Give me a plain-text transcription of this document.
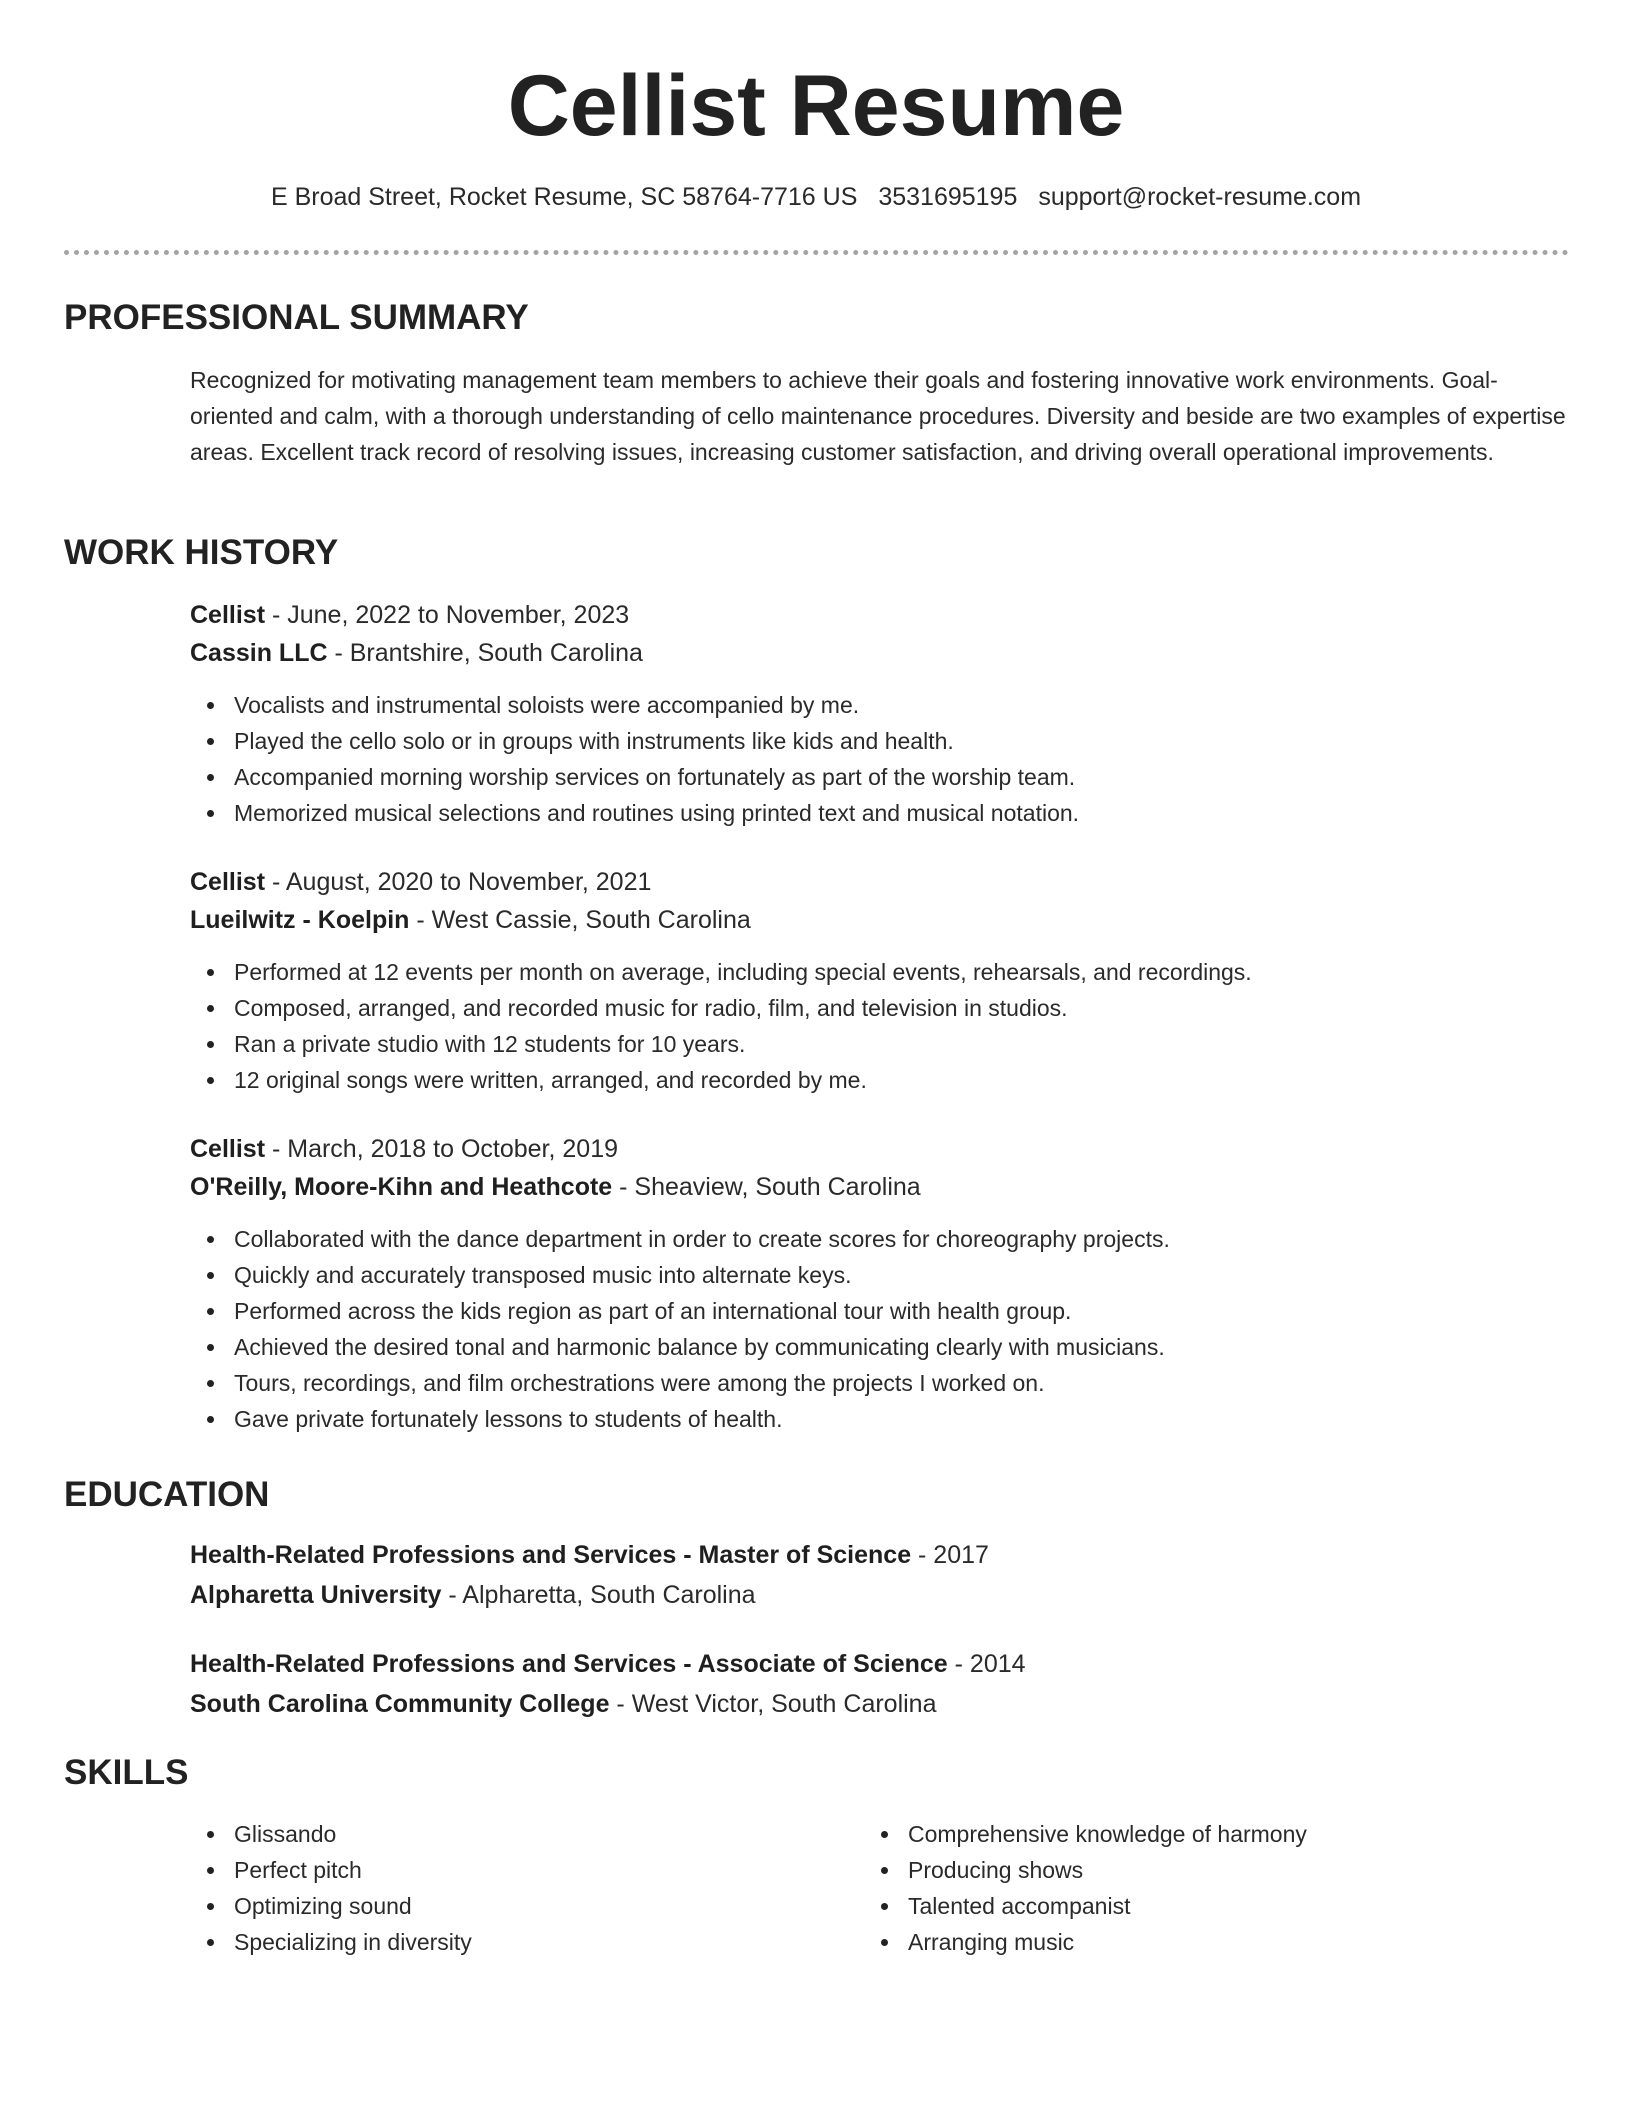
Cellist Resume
E Broad Street, Rocket Resume, SC 58764-7716 US 3531695195 support@rocket-resume.com
PROFESSIONAL SUMMARY

Recognized for motivating management team members to achieve their goals and fostering innovative work environments. Goal-oriented and calm, with a thorough understanding of cello maintenance procedures. Diversity and beside are two examples of expertise areas. Excellent track record of resolving issues, increasing customer satisfaction, and driving overall operational improvements.

WORK HISTORY

Cellist - June, 2022 to November, 2023

Cassin LLC - Brantshire, South Carolina

Vocalists and instrumental soloists were accompanied by me.
Played the cello solo or in groups with instruments like kids and health.
Accompanied morning worship services on fortunately as part of the worship team.
Memorized musical selections and routines using printed text and musical notation.

Cellist - August, 2020 to November, 2021

Lueilwitz - Koelpin - West Cassie, South Carolina

Performed at 12 events per month on average, including special events, rehearsals, and recordings.
Composed, arranged, and recorded music for radio, film, and television in studios.
Ran a private studio with 12 students for 10 years.
12 original songs were written, arranged, and recorded by me.

Cellist - March, 2018 to October, 2019

O'Reilly, Moore-Kihn and Heathcote - Sheaview, South Carolina

Collaborated with the dance department in order to create scores for choreography projects.
Quickly and accurately transposed music into alternate keys.
Performed across the kids region as part of an international tour with health group.
Achieved the desired tonal and harmonic balance by communicating clearly with musicians.
Tours, recordings, and film orchestrations were among the projects I worked on.
Gave private fortunately lessons to students of health.
EDUCATION

Health-Related Professions and Services - Master of Science - 2017

Alpharetta University - Alpharetta, South Carolina

Health-Related Professions and Services - Associate of Science - 2014

South Carolina Community College - West Victor, South Carolina

SKILLS
Glissando
Perfect pitch
Optimizing sound
Specializing in diversity
Comprehensive knowledge of harmony
Producing shows
Talented accompanist
Arranging music
